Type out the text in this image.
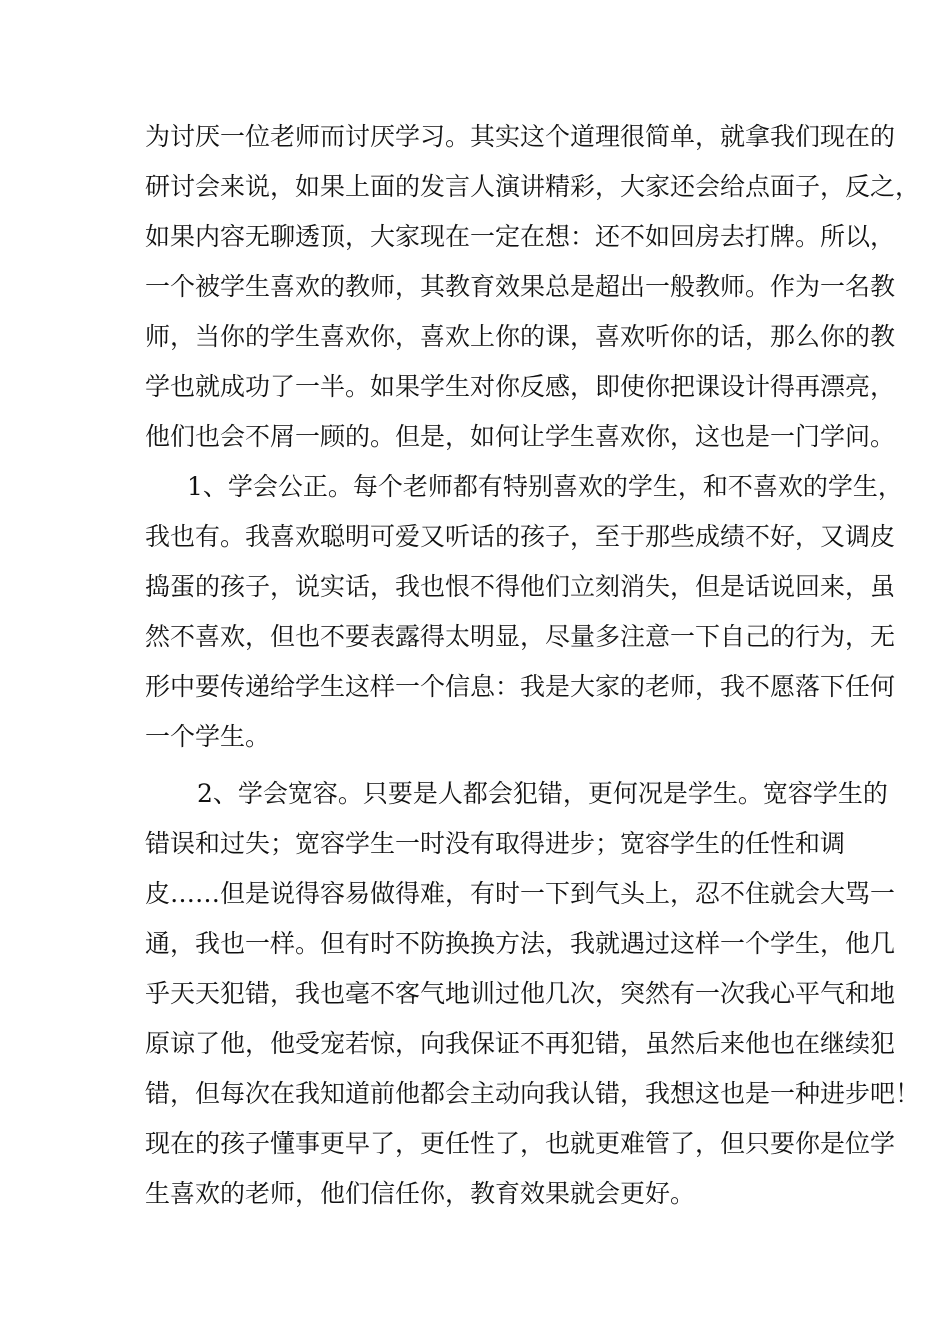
为讨厌一位老师而讨厌学习。其实这个道理很简单，就拿我们现在的
研讨会来说，如果上面的发言人演讲精彩，大家还会给点面子，反之，
如果内容无聊透顶，大家现在一定在想：还不如回房去打牌。所以，
一个被学生喜欢的教师，其教育效果总是超出一般教师。作为一名教
师，当你的学生喜欢你，喜欢上你的课，喜欢听你的话，那么你的教
学也就成功了一半。如果学生对你反感，即使你把课设计得再漂亮，
他们也会不屑一顾的。但是，如何让学生喜欢你，这也是一门学问。
1、学会公正。每个老师都有特别喜欢的学生，和不喜欢的学生，
我也有。我喜欢聪明可爱又听话的孩子，至于那些成绩不好，又调皮
捣蛋的孩子，说实话，我也恨不得他们立刻消失，但是话说回来，虽
然不喜欢，但也不要表露得太明显，尽量多注意一下自己的行为，无
形中要传递给学生这样一个信息：我是大家的老师，我不愿落下任何
一个学生。
2、学会宽容。只要是人都会犯错，更何况是学生。宽容学生的
错误和过失；宽容学生一时没有取得进步；宽容学生的任性和调
皮……但是说得容易做得难，有时一下到气头上，忍不住就会大骂一
通，我也一样。但有时不防换换方法，我就遇过这样一个学生，他几
乎天天犯错，我也毫不客气地训过他几次，突然有一次我心平气和地
原谅了他，他受宠若惊，向我保证不再犯错，虽然后来他也在继续犯
错，但每次在我知道前他都会主动向我认错，我想这也是一种进步吧！
现在的孩子懂事更早了，更任性了，也就更难管了，但只要你是位学
生喜欢的老师，他们信任你，教育效果就会更好。
